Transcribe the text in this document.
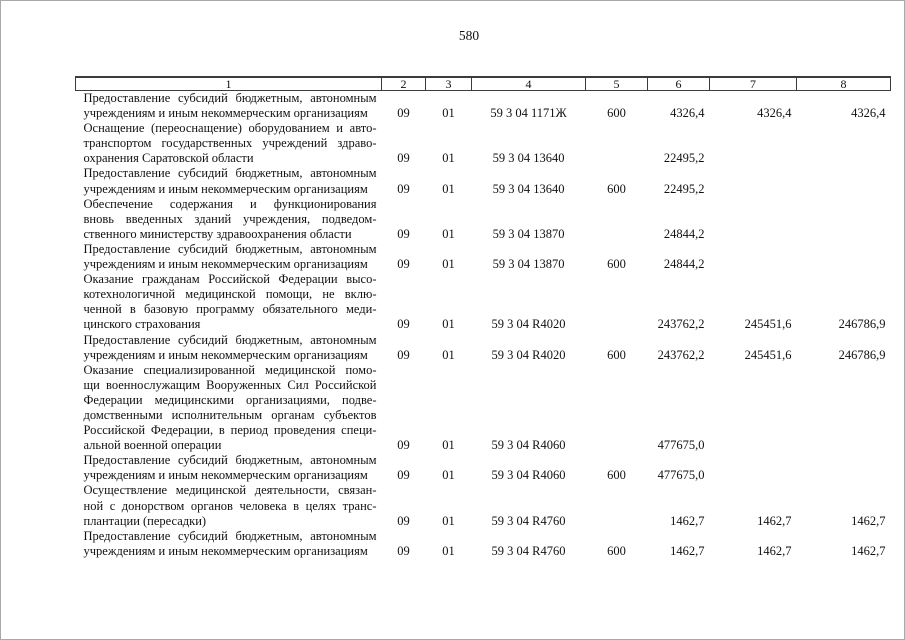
580
1	2	3	4	5	6	7	8

Предоставление субсидий бюджетным, автономным
учреждениям и иным некоммерческим организациям	09	01	59 3 04 1171Ж	600	4326,4	4326,4	4326,4

Оснащение (переоснащение) оборудованием и авто-
транспортом государственных учреждений здраво-
охранения Саратовской области	09	01	59 3 04 13640		22495,2		

Предоставление субсидий бюджетным, автономным
учреждениям и иным некоммерческим организациям	09	01	59 3 04 13640	600	22495,2		

Обеспечение содержания и функционирования
вновь введенных зданий учреждения, подведом-
ственного министерству здравоохранения области	09	01	59 3 04 13870		24844,2		

Предоставление субсидий бюджетным, автономным
учреждениям и иным некоммерческим организациям	09	01	59 3 04 13870	600	24844,2		

Оказание гражданам Российской Федерации высо-
котехнологичной медицинской помощи, не вклю-
ченной в базовую программу обязательного меди-
цинского страхования	09	01	59 3 04 R4020		243762,2	245451,6	246786,9

Предоставление субсидий бюджетным, автономным
учреждениям и иным некоммерческим организациям	09	01	59 3 04 R4020	600	243762,2	245451,6	246786,9

Оказание специализированной медицинской помо-
щи военнослужащим Вооруженных Сил Российской
Федерации медицинскими организациями, подве-
домственными исполнительным органам субъектов
Российской Федерации, в период проведения специ-
альной военной операции	09	01	59 3 04 R4060		477675,0		

Предоставление субсидий бюджетным, автономным
учреждениям и иным некоммерческим организациям	09	01	59 3 04 R4060	600	477675,0		

Осуществление медицинской деятельности, связан-
ной с донорством органов человека в целях транс-
плантации (пересадки)	09	01	59 3 04 R4760		1462,7	1462,7	1462,7

Предоставление субсидий бюджетным, автономным
учреждениям и иным некоммерческим организациям	09	01	59 3 04 R4760	600	1462,7	1462,7	1462,7
